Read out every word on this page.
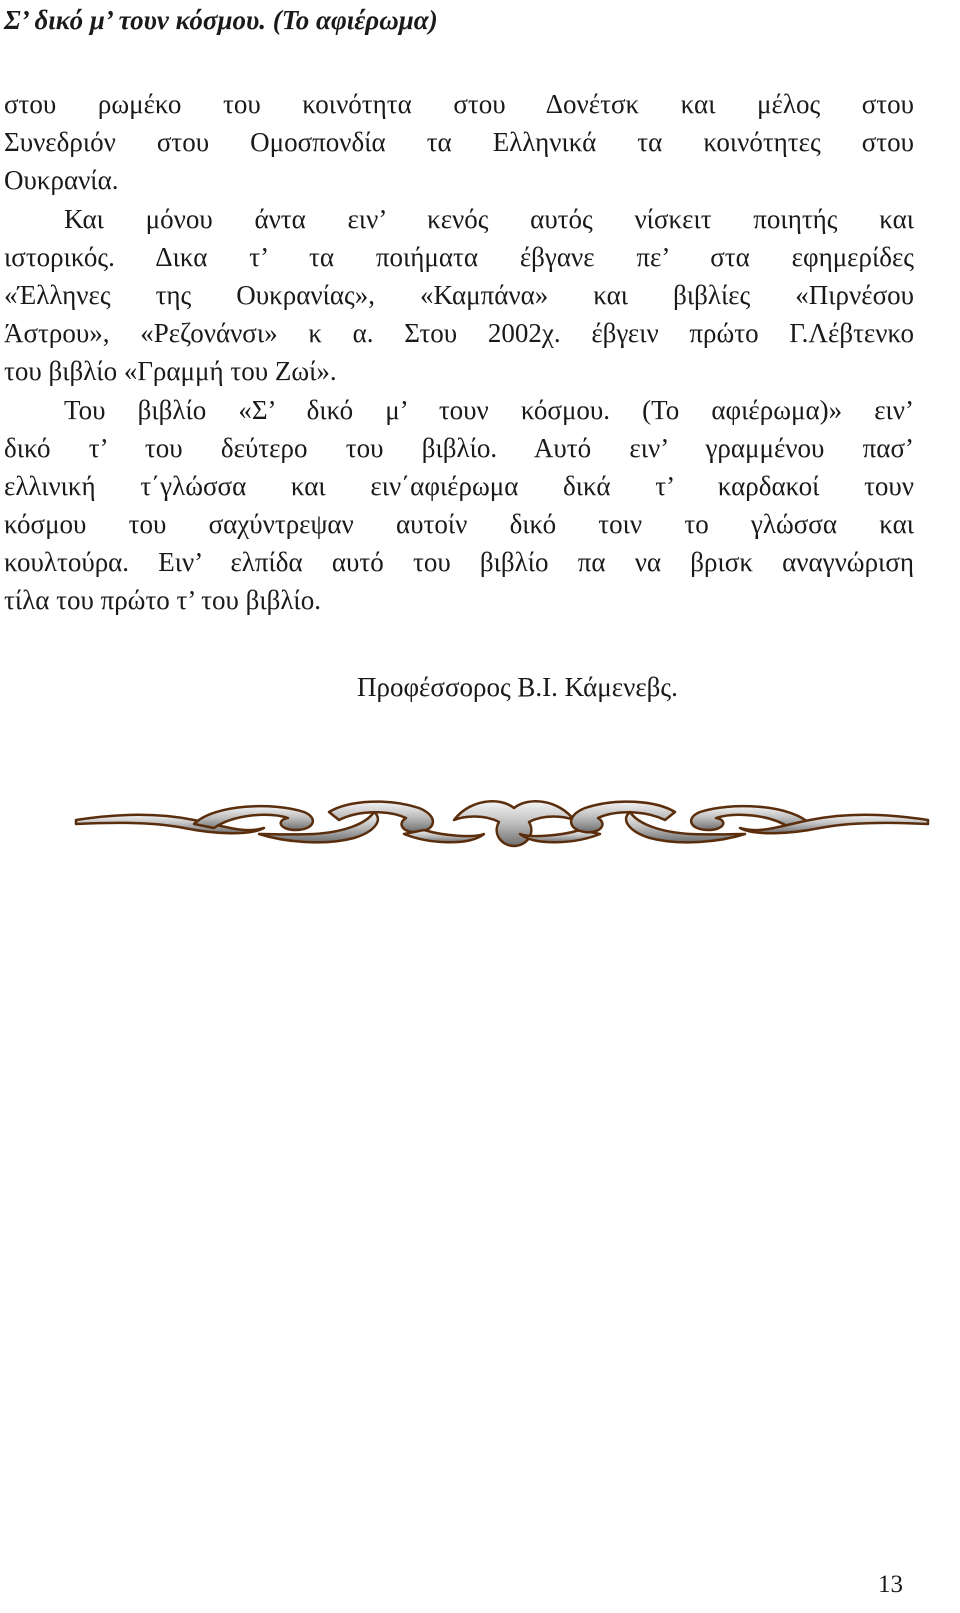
Σ’ δικό μ’ τουν κόσμου. (Το αφιέρωμα)
στου ρωμέκο του κοινότητα στου Δονέτσκ και μέλος στου
Συνεδριόν στου Ομοσπονδία τα Ελληνικά τα κοινότητες στου
Ουκρανία.
Και μόνου άντα ειν’ κενός αυτός νίσκειτ ποιητής και
ιστορικός. Δικα τ’ τα ποιήματα έβγανε πε’ στα εφημερίδες
«Έλληνες της Ουκρανίας», «Καμπάνα» και βιβλίες «Πιρνέσου
Άστρου», «Ρεζονάνσι» κ α. Στου 2002χ. έβγειν πρώτο Γ.Λέβτενκο
του βιβλίο «Γραμμή του Ζωί».
Του βιβλίο «Σ’ δικό μ’ τουν κόσμου. (Το αφιέρωμα)» ειν’
δικό τ’ του δεύτερο του βιβλίο. Αυτό ειν’ γραμμένου πασ’
ελλινική τ΄γλώσσα και ειν΄αφιέρωμα δικά τ’ καρδακοί τουν
κόσμου του σαχύντρεψαν αυτοίν δικό τοιν το γλώσσα και
κουλτούρα. Ειν’ ελπίδα αυτό του βιβλίο πα να βρισκ αναγνώριση
τίλα του πρώτο τ’ του βιβλίο.
Προφέσσορος Β.Ι. Κάμενεβς.
13
